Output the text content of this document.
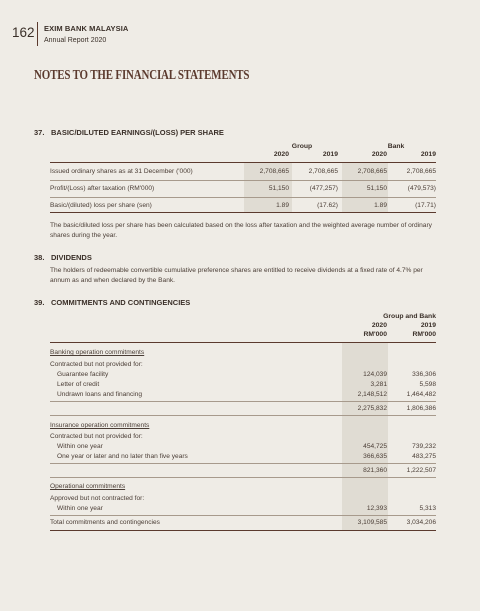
162 EXIM BANK MALAYSIA
Annual Report 2020
NOTES TO THE FINANCIAL STATEMENTS
37. BASIC/DILUTED EARNINGS/(LOSS) PER SHARE
Group	Bank
2020	2019	2020	2019
Issued ordinary shares as at 31 December ('000)	2,708,665	2,708,665	2,708,665	2,708,665
Profit/(Loss) after taxation (RM'000)	51,150	(477,257)	51,150	(479,573)
Basic/(diluted) loss per share (sen)	1.89	(17.62)	1.89	(17.71)
The basic/diluted loss per share has been calculated based on the loss after taxation and the weighted average number of ordinary shares during the year.
38. DIVIDENDS
The holders of redeemable convertible cumulative preference shares are entitled to receive dividends at a fixed rate of 4.7% per annum as and when declared by the Bank.
39. COMMITMENTS AND CONTINGENCIES
Group and Bank
2020	2019
RM'000	RM'000
Banking operation commitments
Contracted but not provided for:
Guarantee facility	124,039	336,306
Letter of credit	3,281	5,598
Undrawn loans and financing	2,148,512	1,464,482
2,275,832	1,806,386
Insurance operation commitments
Contracted but not provided for:
Within one year	454,725	739,232
One year or later and no later than five years	366,635	483,275
821,360	1,222,507
Operational commitments
Approved but not contracted for:
Within one year	12,393	5,313
Total commitments and contingencies	3,109,585	3,034,206
